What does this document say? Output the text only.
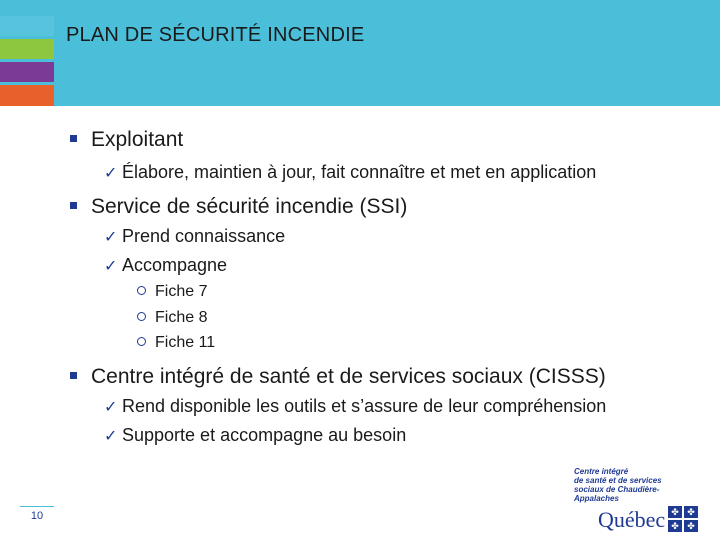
PLAN DE SÉCURITÉ INCENDIE
Exploitant
✓ Élabore, maintien à jour, fait connaître et met en application
Service de sécurité incendie (SSI)
✓ Prend connaissance
✓ Accompagne
Fiche 7
Fiche 8
Fiche 11
Centre intégré de santé et de services sociaux (CISSS)
✓ Rend disponible les outils et s’assure de leur compréhension
✓ Supporte et accompagne au besoin
10
Centre intégré
de santé et de services
sociaux de Chaudière-
Appalaches
Québec ✤ ✤
✤ ✤
